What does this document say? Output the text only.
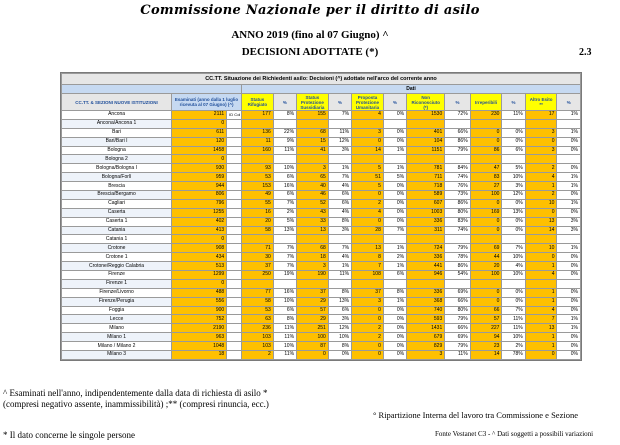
Commissione Nazionale per il diritto di asilo
ANNO 2019 (fino al 07 Giugno) ^
DECISIONI ADOTTATE (*)	2.3
CC.TT. Situazione dei Richiedenti asilo: Decisioni (^) adottate nell'arco del corrente anno														
			Dati											
CC.TT. & SEZIONI NUOVE ISTITUZIONI	Esaminati (anno dalla 1 luglio ricevuta al 07 Giugno) (^)		Status Rifugiato	%	Status Protezione Sussidiaria	%	Proposta Protezione Umanitaria	%	Non Riconosciuto (*)	%	Irreperibili	%	Altro Esito **	%
Ancona	2111	ID Col	177	8%	155	7%	4	0%	1530	72%	230	11%	17	1%
Ancona/Ancona 1	0													
Bari	611		136	22%	68	11%	3	0%	401	66%	0	0%	3	1%
Bari/Bari I	120		11	9%	15	12%	0	0%	104	86%	0	0%	0	0%
Bologna	1458		160	11%	41	3%	14	1%	1151	79%	86	6%	3	0%
Bologna 2	0													
Bologna/Bologna I	930		93	10%	3	1%	5	1%	781	84%	47	5%	2	0%
Bologna/Forlì	959		53	6%	65	7%	51	5%	711	74%	83	10%	4	1%
Brescia	944		153	16%	40	4%	5	0%	718	76%	27	3%	1	1%
Brescia/Bergamo	806		49	6%	46	6%	0	0%	589	73%	100	12%	2	0%
Cagliari	796		55	7%	52	6%	2	0%	607	86%	0	0%	10	1%
Caserta	1255		16	2%	43	4%	4	0%	1003	80%	169	13%	0	0%
Caserta 1	402		20	5%	33	8%	0	0%	336	83%	0	0%	13	3%
Catania	413		58	13%	13	3%	28	7%	311	74%	0	0%	14	3%
Catania 1	0													
Crotone	908		71	7%	68	7%	13	1%	724	79%	69	7%	10	1%
Crotone 1	434		30	7%	18	4%	8	2%	336	78%	44	10%	0	0%
Crotone/Reggio Calabria	513		37	7%	3	1%	7	1%	441	86%	20	4%	1	0%
Firenze	1299		250	19%	190	11%	108	6%	946	54%	100	10%	4	0%
Firenze 1	0													
Firenze/Livorno	488		77	16%	37	8%	37	8%	336	69%	0	0%	1	0%
Firenze/Perugia	556		58	10%	29	13%	3	1%	368	66%	0	0%	1	0%
Foggia	900		53	6%	57	6%	0	0%	740	80%	66	7%	4	0%
Lecce	752		63	8%	29	3%	0	0%	593	79%	57	11%	7	1%
Milano	2190		236	11%	251	12%	2	0%	1431	66%	227	11%	13	1%
Milano 1	963		103	11%	100	10%	2	0%	679	69%	94	10%	1	0%
Milano / Milano 2	1048		103	10%	87	8%	0	0%	829	79%	23	2%	1	0%
Milano 3	18		2	11%	0	0%	0	0%	3	11%	14	78%	0	0%
^ Esaminati nell'anno, indipendentemente dalla data di richiesta di asilo *(compresi negativo assente, inammissibilità) ;** (compresi rinuncia, ecc.)
° Ripartizione Interna del lavoro tra Commissione e Sezione
* Il dato concerne le singole persone	Fonte Vestanet C3 - ^ Dati soggetti a possibili variazioni
